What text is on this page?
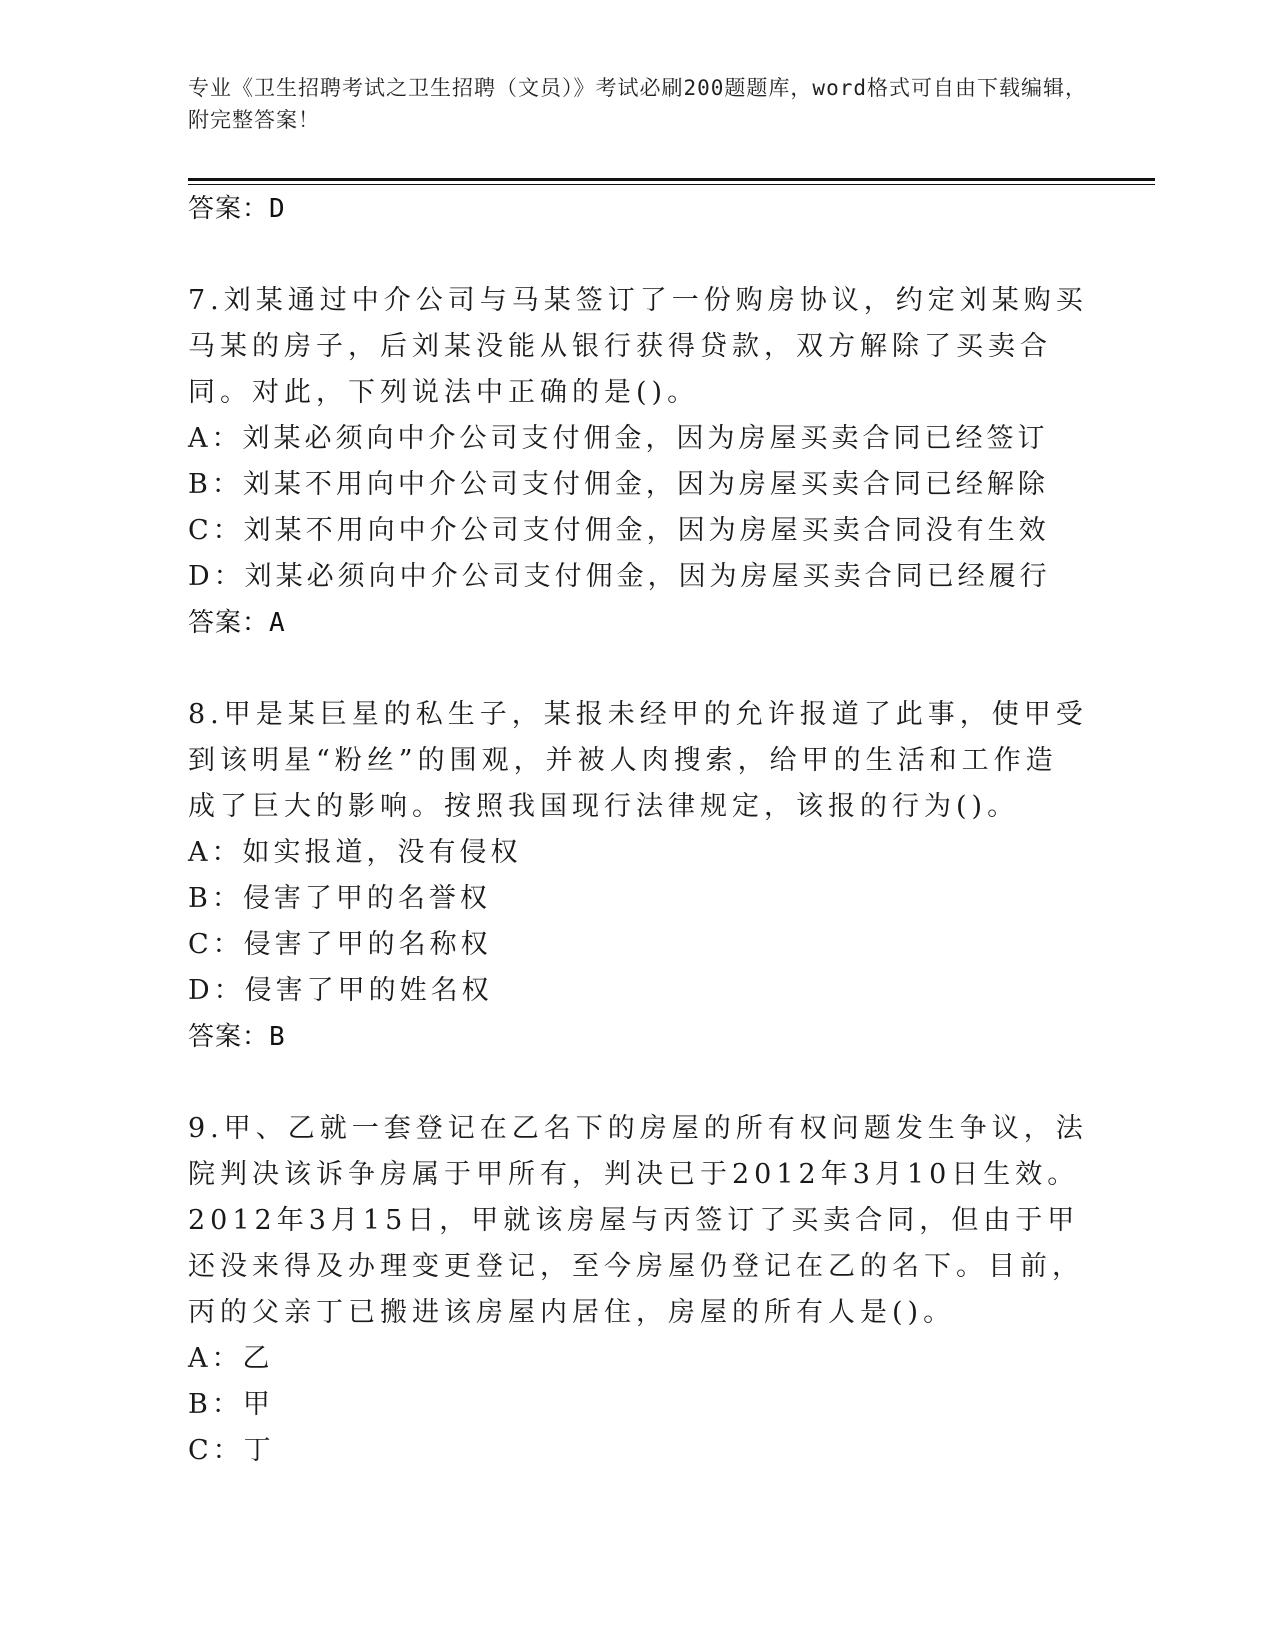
专业《卫生招聘考试之卫生招聘（文员）》考试必刷200题题库，word格式可自由下载编辑，附完整答案！
答案：D
7.刘某通过中介公司与马某签订了一份购房协议，约定刘某购买马某的房子，后刘某没能从银行获得贷款，双方解除了买卖合同。对此，下列说法中正确的是()。
A：刘某必须向中介公司支付佣金，因为房屋买卖合同已经签订
B：刘某不用向中介公司支付佣金，因为房屋买卖合同已经解除
C：刘某不用向中介公司支付佣金，因为房屋买卖合同没有生效
D：刘某必须向中介公司支付佣金，因为房屋买卖合同已经履行
答案：A
8.甲是某巨星的私生子，某报未经甲的允许报道了此事，使甲受到该明星“粉丝”的围观，并被人肉搜索，给甲的生活和工作造成了巨大的影响。按照我国现行法律规定，该报的行为()。
A：如实报道，没有侵权
B：侵害了甲的名誉权
C：侵害了甲的名称权
D：侵害了甲的姓名权
答案：B
9.甲、乙就一套登记在乙名下的房屋的所有权问题发生争议，法院判决该诉争房属于甲所有，判决已于2012年3月10日生效。2012年3月15日，甲就该房屋与丙签订了买卖合同，但由于甲还没来得及办理变更登记，至今房屋仍登记在乙的名下。目前，丙的父亲丁已搬进该房屋内居住，房屋的所有人是()。
A：乙
B：甲
C：丁
